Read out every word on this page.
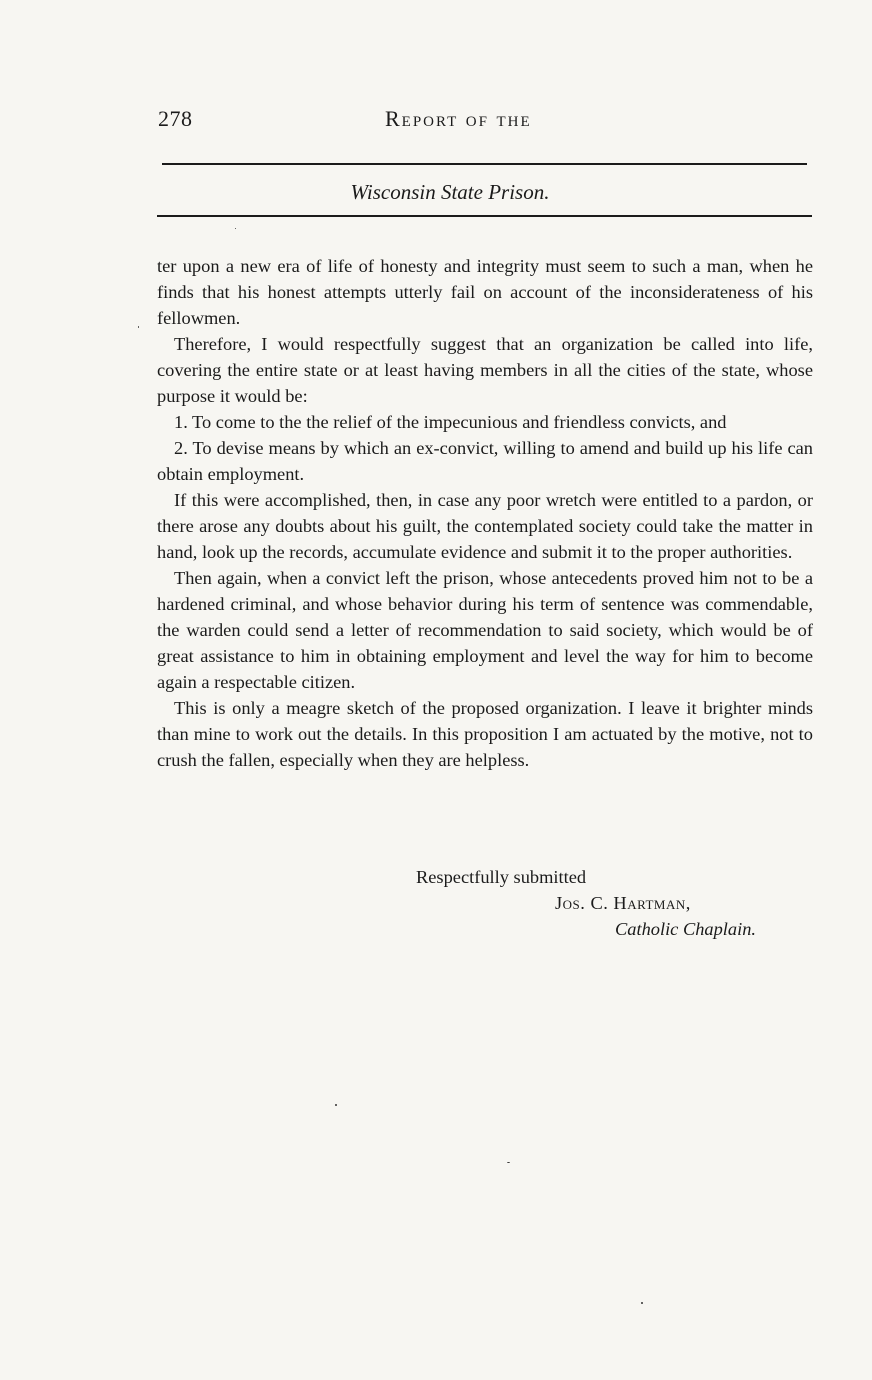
278	Report of the
Wisconsin State Prison.

ter upon a new era of life of honesty and integrity must seem to such a man, when he finds that his honest attempts utterly fail on account of the inconsiderateness of his fellowmen.

Therefore, I would respectfully suggest that an organization be called into life, covering the entire state or at least having members in all the cities of the state, whose purpose it would be:

1. To come to the the relief of the impecunious and friendless convicts, and

2. To devise means by which an ex-convict, willing to amend and build up his life can obtain employment.

If this were accomplished, then, in case any poor wretch were entitled to a pardon, or there arose any doubts about his guilt, the contemplated society could take the matter in hand, look up the records, accumulate evidence and submit it to the proper authorities.

Then again, when a convict left the prison, whose antecedents proved him not to be a hardened criminal, and whose behavior during his term of sentence was commendable, the warden could send a letter of recommendation to said society, which would be of great assistance to him in obtaining employment and level the way for him to become again a respectable citizen.

This is only a meagre sketch of the proposed organization. I leave it brighter minds than mine to work out the details. In this proposition I am actuated by the motive, not to crush the fallen, especially when they are helpless.

Respectfully submitted
Jos. C. Hartman,
Catholic Chaplain.
